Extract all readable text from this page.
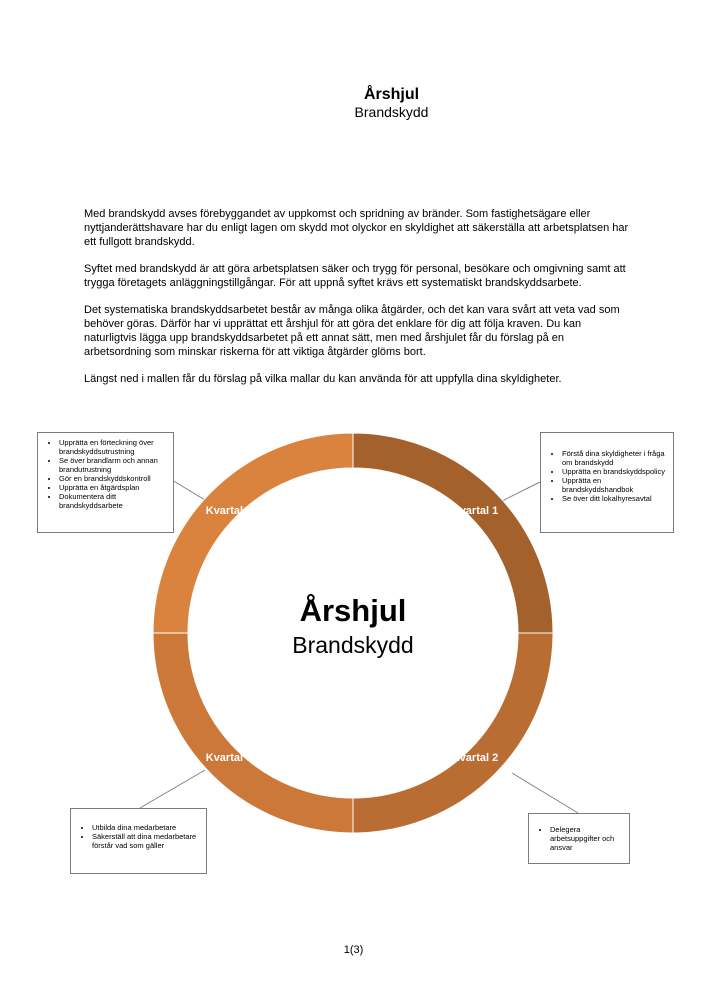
Årshjul
Brandskydd

Med brandskydd avses förebyggandet av uppkomst och spridning av bränder. Som fastighetsägare eller nyttjanderättshavare har du enligt lagen om skydd mot olyckor en skyldighet att säkerställa att arbetsplatsen har ett fullgott brandskydd.

Syftet med brandskydd är att göra arbetsplatsen säker och trygg för personal, besökare och omgivning samt att trygga företagets anläggningstillgångar. För att uppnå syftet krävs ett systematiskt brandskyddsarbete.

Det systematiska brandskyddsarbetet består av många olika åtgärder, och det kan vara svårt att veta vad som behöver göras. Därför har vi upprättat ett årshjul för att göra det enklare för dig att följa kraven. Du kan naturligtvis lägga upp brandskyddsarbetet på ett annat sätt, men med årshjulet får du förslag på en arbetsordning som minskar riskerna för att viktiga åtgärder glöms bort.

Längst ned i mallen får du förslag på vilka mallar du kan använda för att uppfylla dina skyldigheter.

Kvartal 1
Kvartal 2
Kvartal 3
Kvartal 4
Årshjul
Brandskydd
• Upprätta en förteckning över brandskyddsutrustning
• Se över brandlarm och annan brandutrustning
• Gör en brandskyddskontroll
• Upprätta en åtgärdsplan
• Dokumentera ditt brandskyddsarbete
• Förstå dina skyldigheter i fråga om brandskydd
• Upprätta en brandskyddspolicy
• Upprätta en brandskyddshandbok
• Se över ditt lokalhyresavtal
• Utbilda dina medarbetare
• Säkerställ att dina medarbetare förstår vad som gäller
• Delegera arbetsuppgifter och ansvar
1(3)
